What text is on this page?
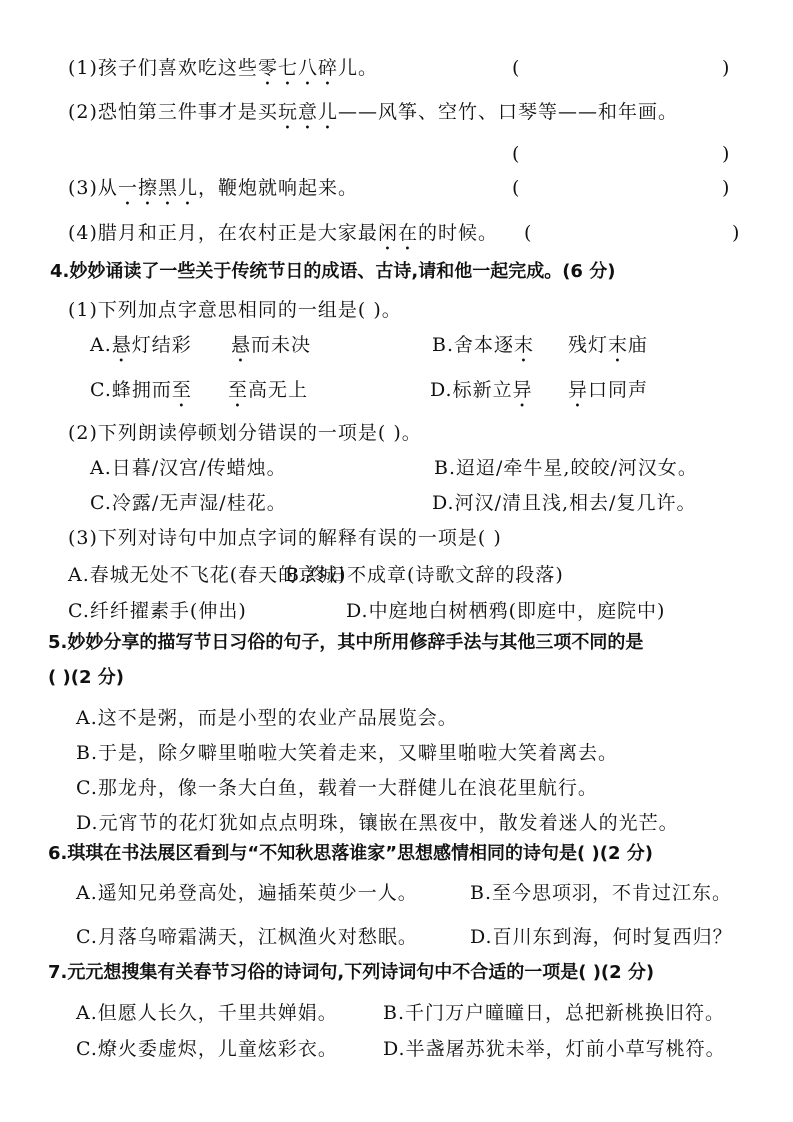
(1)孩子们喜欢吃这些零七八碎儿。	(	)
(2)恐怕第三件事才是买玩意儿——风筝、空竹、口琴等——和年画。
(	)
(3)从一擦黑儿，鞭炮就响起来。	(	)
(4)腊月和正月，在农村正是大家最闲在的时候。 (	)
4.妙妙诵读了一些关于传统节日的成语、古诗,请和他一起完成。(6 分)
(1)下列加点字意思相同的一组是( )。
A.悬灯结彩 悬而未决	B.舍本逐末 残灯末庙
C.蜂拥而至 至高无上	D.标新立异 异口同声
(2)下列朗读停顿划分错误的一项是( )。
A.日暮/汉宫/传蜡烛。	B.迢迢/牵牛星,皎皎/河汉女。
C.冷露/无声湿/桂花。	D.河汉/清且浅,相去/复几许。
(3)下列对诗句中加点字词的解释有误的一项是( )
A.春城无处不飞花(春天的京城)
B.终日不成章(诗歌文辞的段落)
C.纤纤擢素手(伸出)	D.中庭地白树栖鸦(即庭中，庭院中)
5.妙妙分享的描写节日习俗的句子，其中所用修辞手法与其他三项不同的是
( )(2 分)
A.这不是粥，而是小型的农业产品展览会。
B.于是，除夕噼里啪啦大笑着走来，又噼里啪啦大笑着离去。
C.那龙舟，像一条大白鱼，载着一大群健儿在浪花里航行。
D.元宵节的花灯犹如点点明珠，镶嵌在黑夜中，散发着迷人的光芒。
6.琪琪在书法展区看到与“不知秋思落谁家”思想感情相同的诗句是( )(2 分)
A.遥知兄弟登高处，遍插茱萸少一人。	B.至今思项羽，不肯过江东。
C.月落乌啼霜满天，江枫渔火对愁眠。	D.百川东到海，何时复西归？
7.元元想搜集有关春节习俗的诗词句,下列诗词句中不合适的一项是( )(2 分)
A.但愿人长久，千里共婵娟。 B.千门万户曈曈日，总把新桃换旧符。
C.燎火委虚烬，儿童炫彩衣。 D.半盏屠苏犹未举，灯前小草写桃符。
